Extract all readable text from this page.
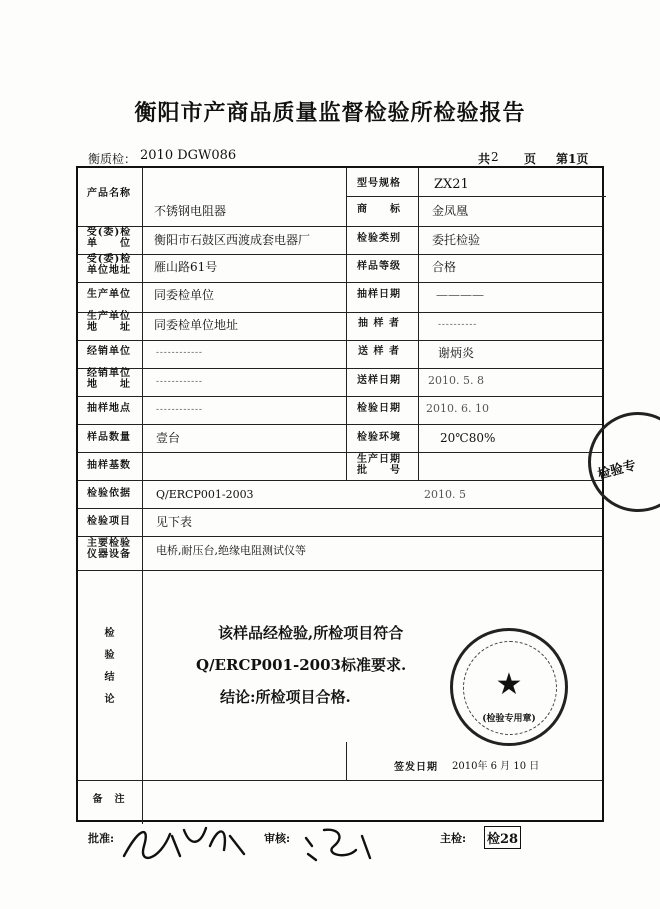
衡阳市产商品质量监督检验所检验报告
衡质检： 2010 DGW086	共 2 页 第1页
产品名称
不锈钢电阻器
型号规格	ZX21
商　　标	金凤凰
受(委)检
单　　位	衡阳市石鼓区西渡成套电器厂	检验类别	委托检验
受(委)检
单位地址	雁山路61号	样品等级	合格
生产单位	同委检单位	抽样日期	————
生产单位
地　　址	同委检单位地址	抽 样 者	- - - - - - - - - -
经销单位	- - - - - - - - - - - -	送 样 者	谢炳炎
经销单位
地　　址	- - - - - - - - - - - -	送样日期	2010. 5. 8
抽样地点	- - - - - - - - - - - -	检验日期	2010. 6. 10
样品数量	壹台	检验环境	20℃80%
抽样基数
生产日期
批　　号
检验依据	Q/ERCP001-2003	2010. 5
检验项目	见下表
主要检验
仪器设备	电桥,耐压台,绝缘电阻测试仪等
检

验

结

论
该样品经检验,所检项目符合
Q/ERCP001-2003标准要求.
结论:所检项目合格.
签发日期	2010年 6 月 10 日
备　注
★
(检验专用章)
检验专
批准:	审核:	主检: 检28
